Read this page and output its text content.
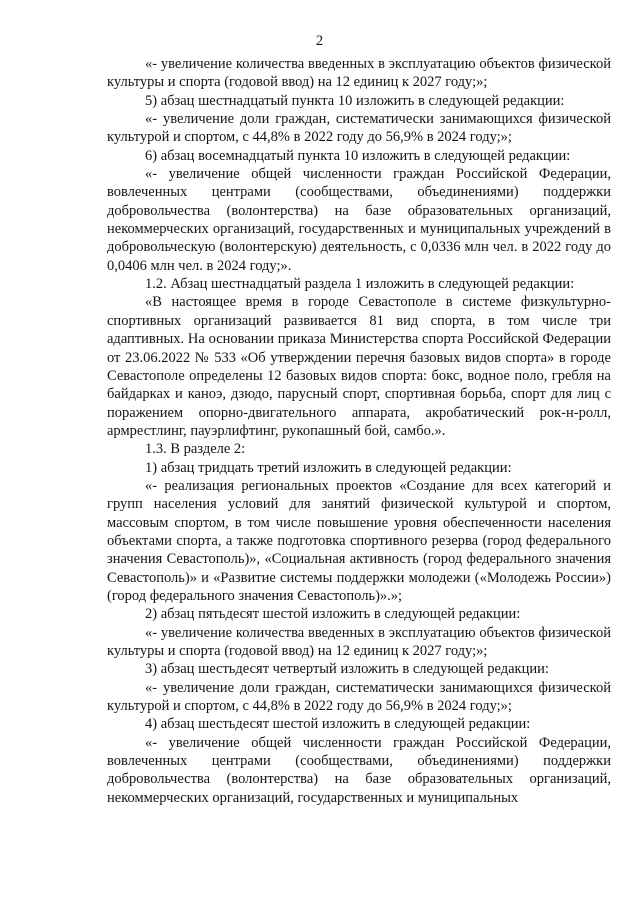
2

«- увеличение количества введенных в эксплуатацию объектов физической культуры и спорта (годовой ввод) на 12 единиц к 2027 году;»;

5) абзац шестнадцатый пункта 10 изложить в следующей редакции:

«- увеличение доли граждан, систематически занимающихся физической культурой и спортом, с 44,8% в 2022 году до 56,9% в 2024 году;»;

6) абзац восемнадцатый пункта 10 изложить в следующей редакции:

«- увеличение общей численности граждан Российской Федерации, вовлеченных центрами (сообществами, объединениями) поддержки добровольчества (волонтерства) на базе образовательных организаций, некоммерческих организаций, государственных и муниципальных учреждений в добровольческую (волонтерскую) деятельность, с 0,0336 млн чел. в 2022 году до 0,0406 млн чел. в 2024 году;».

1.2. Абзац шестнадцатый раздела 1 изложить в следующей редакции:

«В настоящее время в городе Севастополе в системе физкультурно-спортивных организаций развивается 81 вид спорта, в том числе три адаптивных. На основании приказа Министерства спорта Российской Федерации от 23.06.2022 № 533 «Об утверждении перечня базовых видов спорта» в городе Севастополе определены 12 базовых видов спорта: бокс, водное поло, гребля на байдарках и каноэ, дзюдо, парусный спорт, спортивная борьба, спорт для лиц с поражением опорно-двигательного аппарата, акробатический рок-н-ролл, армрестлинг, пауэрлифтинг, рукопашный бой, самбо.».

1.3. В разделе 2:

1) абзац тридцать третий изложить в следующей редакции:

«- реализация региональных проектов «Создание для всех категорий и групп населения условий для занятий физической культурой и спортом, массовым спортом, в том числе повышение уровня обеспеченности населения объектами спорта, а также подготовка спортивного резерва (город федерального значения Севастополь)», «Социальная активность (город федерального значения Севастополь)» и «Развитие системы поддержки молодежи («Молодежь России») (город федерального значения Севастополь)».»;

2) абзац пятьдесят шестой изложить в следующей редакции:

«- увеличение количества введенных в эксплуатацию объектов физической культуры и спорта (годовой ввод) на 12 единиц к 2027 году;»;

3) абзац шестьдесят четвертый изложить в следующей редакции:

«- увеличение доли граждан, систематически занимающихся физической культурой и спортом, с 44,8% в 2022 году до 56,9% в 2024 году;»;

4) абзац шестьдесят шестой изложить в следующей редакции:

«- увеличение общей численности граждан Российской Федерации, вовлеченных центрами (сообществами, объединениями) поддержки добровольчества (волонтерства) на базе образовательных организаций, некоммерческих организаций, государственных и муниципальных
